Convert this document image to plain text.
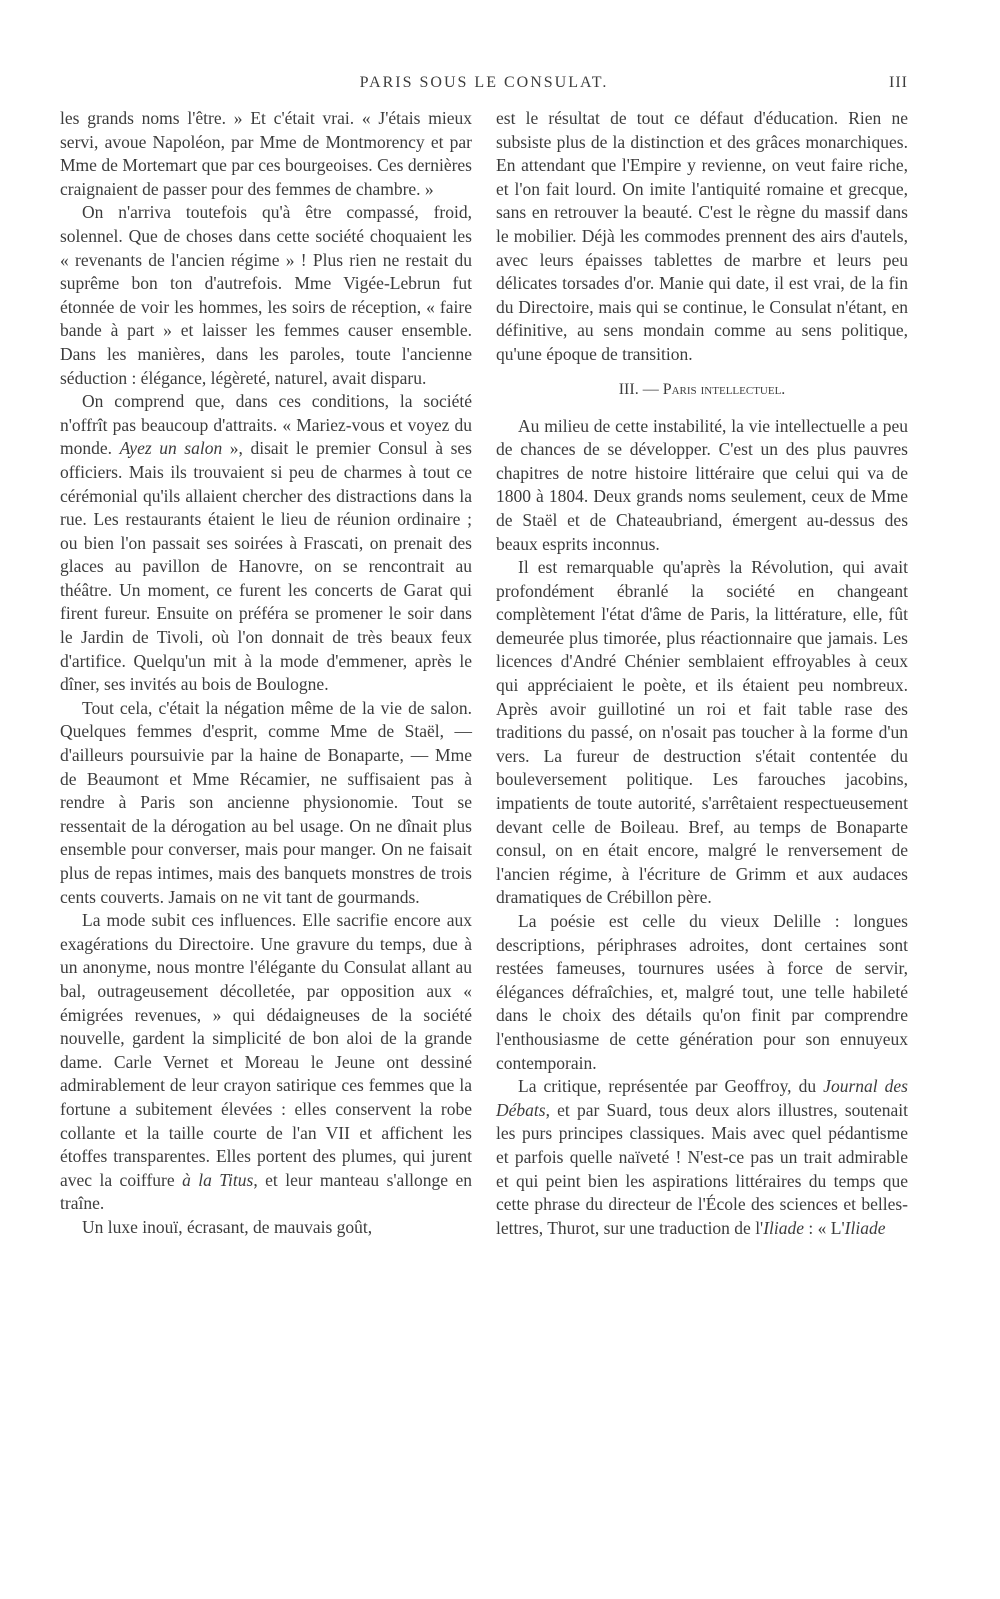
PARIS SOUS LE CONSULAT.	III

les grands noms l'être. » Et c'était vrai. « J'étais mieux servi, avoue Napoléon, par Mme de Montmorency et par Mme de Mortemart que par ces bourgeoises. Ces dernières craignaient de passer pour des femmes de chambre. »

On n'arriva toutefois qu'à être compassé, froid, solennel. Que de choses dans cette société choquaient les « revenants de l'ancien régime » ! Plus rien ne restait du suprême bon ton d'autrefois. Mme Vigée-Lebrun fut étonnée de voir les hommes, les soirs de réception, « faire bande à part » et laisser les femmes causer ensemble. Dans les manières, dans les paroles, toute l'ancienne séduction : élégance, légèreté, naturel, avait disparu.

On comprend que, dans ces conditions, la société n'offrît pas beaucoup d'attraits. « Mariez-vous et voyez du monde. Ayez un salon », disait le premier Consul à ses officiers. Mais ils trouvaient si peu de charmes à tout ce cérémonial qu'ils allaient chercher des distractions dans la rue. Les restaurants étaient le lieu de réunion ordinaire ; ou bien l'on passait ses soirées à Frascati, on prenait des glaces au pavillon de Hanovre, on se rencontrait au théâtre. Un moment, ce furent les concerts de Garat qui firent fureur. Ensuite on préféra se promener le soir dans le Jardin de Tivoli, où l'on donnait de très beaux feux d'artifice. Quelqu'un mit à la mode d'emmener, après le dîner, ses invités au bois de Boulogne.

Tout cela, c'était la négation même de la vie de salon. Quelques femmes d'esprit, comme Mme de Staël, — d'ailleurs poursuivie par la haine de Bonaparte, — Mme de Beaumont et Mme Récamier, ne suffisaient pas à rendre à Paris son ancienne physionomie. Tout se ressentait de la dérogation au bel usage. On ne dînait plus ensemble pour converser, mais pour manger. On ne faisait plus de repas intimes, mais des banquets monstres de trois cents couverts. Jamais on ne vit tant de gourmands.

La mode subit ces influences. Elle sacrifie encore aux exagérations du Directoire. Une gravure du temps, due à un anonyme, nous montre l'élégante du Consulat allant au bal, outrageusement décolletée, par opposition aux « émigrées revenues, » qui dédaigneuses de la société nouvelle, gardent la simplicité de bon aloi de la grande dame. Carle Vernet et Moreau le Jeune ont dessiné admirablement de leur crayon satirique ces femmes que la fortune a subitement élevées : elles conservent la robe collante et la taille courte de l'an VII et affichent les étoffes transparentes. Elles portent des plumes, qui jurent avec la coiffure à la Titus, et leur manteau s'allonge en traîne.

Un luxe inouï, écrasant, de mauvais goût,

est le résultat de tout ce défaut d'éducation. Rien ne subsiste plus de la distinction et des grâces monarchiques. En attendant que l'Empire y revienne, on veut faire riche, et l'on fait lourd. On imite l'antiquité romaine et grecque, sans en retrouver la beauté. C'est le règne du massif dans le mobilier. Déjà les commodes prennent des airs d'autels, avec leurs épaisses tablettes de marbre et leurs peu délicates torsades d'or. Manie qui date, il est vrai, de la fin du Directoire, mais qui se continue, le Consulat n'étant, en définitive, au sens mondain comme au sens politique, qu'une époque de transition.

III. — Paris intellectuel.

Au milieu de cette instabilité, la vie intellectuelle a peu de chances de se développer. C'est un des plus pauvres chapitres de notre histoire littéraire que celui qui va de 1800 à 1804. Deux grands noms seulement, ceux de Mme de Staël et de Chateaubriand, émergent au-dessus des beaux esprits inconnus.

Il est remarquable qu'après la Révolution, qui avait profondément ébranlé la société en changeant complètement l'état d'âme de Paris, la littérature, elle, fût demeurée plus timorée, plus réactionnaire que jamais. Les licences d'André Chénier semblaient effroyables à ceux qui appréciaient le poète, et ils étaient peu nombreux. Après avoir guillotiné un roi et fait table rase des traditions du passé, on n'osait pas toucher à la forme d'un vers. La fureur de destruction s'était contentée du bouleversement politique. Les farouches jacobins, impatients de toute autorité, s'arrêtaient respectueusement devant celle de Boileau. Bref, au temps de Bonaparte consul, on en était encore, malgré le renversement de l'ancien régime, à l'écriture de Grimm et aux audaces dramatiques de Crébillon père.

La poésie est celle du vieux Delille : longues descriptions, périphrases adroites, dont certaines sont restées fameuses, tournures usées à force de servir, élégances défraîchies, et, malgré tout, une telle habileté dans le choix des détails qu'on finit par comprendre l'enthousiasme de cette génération pour son ennuyeux contemporain.

La critique, représentée par Geoffroy, du Journal des Débats, et par Suard, tous deux alors illustres, soutenait les purs principes classiques. Mais avec quel pédantisme et parfois quelle naïveté ! N'est-ce pas un trait admirable et qui peint bien les aspirations littéraires du temps que cette phrase du directeur de l'École des sciences et belles-lettres, Thurot, sur une traduction de l'Iliade : « L'Iliade
